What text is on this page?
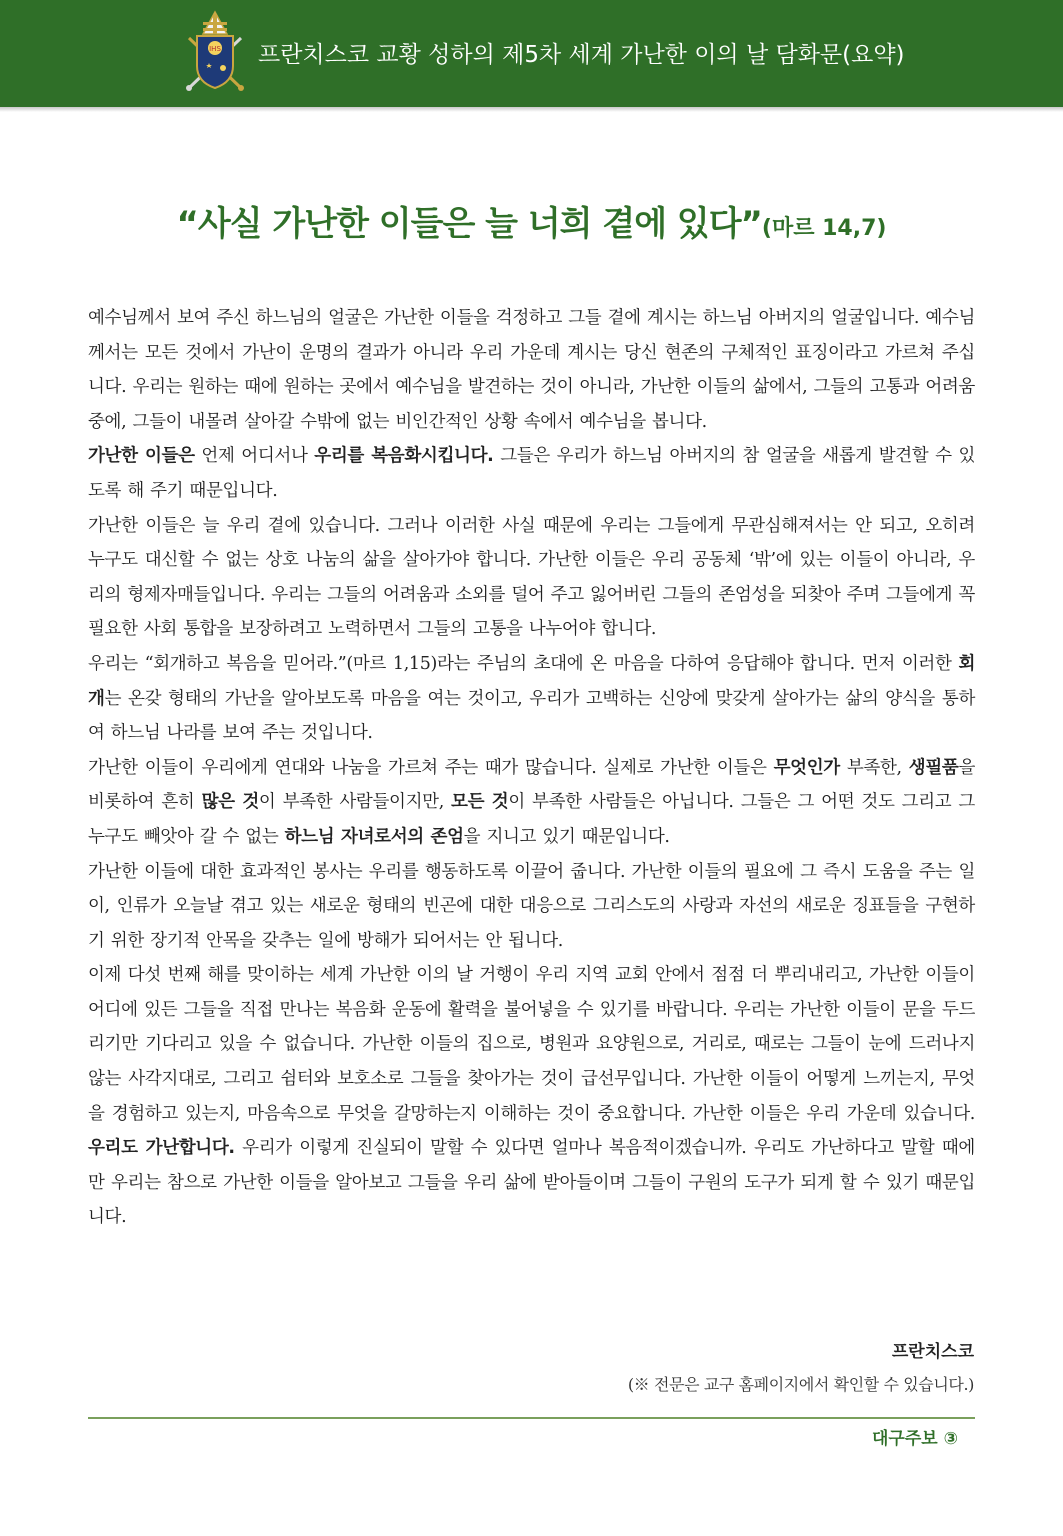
IHS 프란치스코 교황 성하의 제5차 세계 가난한 이의 날 담화문(요약)
“사실 가난한 이들은 늘 너희 곁에 있다”(마르 14,7)

예수님께서 보여 주신 하느님의 얼굴은 가난한 이들을 걱정하고 그들 곁에 계시는 하느님 아버지의 얼굴입니다. 예수님께서는 모든 것에서 가난이 운명의 결과가 아니라 우리 가운데 계시는 당신 현존의 구체적인 표징이라고 가르쳐 주십니다. 우리는 원하는 때에 원하는 곳에서 예수님을 발견하는 것이 아니라, 가난한 이들의 삶에서, 그들의 고통과 어려움 중에, 그들이 내몰려 살아갈 수밖에 없는 비인간적인 상황 속에서 예수님을 봅니다.

가난한 이들은 언제 어디서나 우리를 복음화시킵니다. 그들은 우리가 하느님 아버지의 참 얼굴을 새롭게 발견할 수 있도록 해 주기 때문입니다.

가난한 이들은 늘 우리 곁에 있습니다. 그러나 이러한 사실 때문에 우리는 그들에게 무관심해져서는 안 되고, 오히려 누구도 대신할 수 없는 상호 나눔의 삶을 살아가야 합니다. 가난한 이들은 우리 공동체 ‘밖’에 있는 이들이 아니라, 우리의 형제자매들입니다. 우리는 그들의 어려움과 소외를 덜어 주고 잃어버린 그들의 존엄성을 되찾아 주며 그들에게 꼭 필요한 사회 통합을 보장하려고 노력하면서 그들의 고통을 나누어야 합니다.

우리는 “회개하고 복음을 믿어라.”(마르 1,15)라는 주님의 초대에 온 마음을 다하여 응답해야 합니다. 먼저 이러한 회개는 온갖 형태의 가난을 알아보도록 마음을 여는 것이고, 우리가 고백하는 신앙에 맞갖게 살아가는 삶의 양식을 통하여 하느님 나라를 보여 주는 것입니다.

가난한 이들이 우리에게 연대와 나눔을 가르쳐 주는 때가 많습니다. 실제로 가난한 이들은 무엇인가 부족한, 생필품을 비롯하여 흔히 많은 것이 부족한 사람들이지만, 모든 것이 부족한 사람들은 아닙니다. 그들은 그 어떤 것도 그리고 그 누구도 빼앗아 갈 수 없는 하느님 자녀로서의 존엄을 지니고 있기 때문입니다.

가난한 이들에 대한 효과적인 봉사는 우리를 행동하도록 이끌어 줍니다. 가난한 이들의 필요에 그 즉시 도움을 주는 일이, 인류가 오늘날 겪고 있는 새로운 형태의 빈곤에 대한 대응으로 그리스도의 사랑과 자선의 새로운 징표들을 구현하기 위한 장기적 안목을 갖추는 일에 방해가 되어서는 안 됩니다.

이제 다섯 번째 해를 맞이하는 세계 가난한 이의 날 거행이 우리 지역 교회 안에서 점점 더 뿌리내리고, 가난한 이들이 어디에 있든 그들을 직접 만나는 복음화 운동에 활력을 불어넣을 수 있기를 바랍니다. 우리는 가난한 이들이 문을 두드리기만 기다리고 있을 수 없습니다. 가난한 이들의 집으로, 병원과 요양원으로, 거리로, 때로는 그들이 눈에 드러나지 않는 사각지대로, 그리고 쉼터와 보호소로 그들을 찾아가는 것이 급선무입니다. 가난한 이들이 어떻게 느끼는지, 무엇을 경험하고 있는지, 마음속으로 무엇을 갈망하는지 이해하는 것이 중요합니다. 가난한 이들은 우리 가운데 있습니다. 우리도 가난합니다. 우리가 이렇게 진실되이 말할 수 있다면 얼마나 복음적이겠습니까. 우리도 가난하다고 말할 때에만 우리는 참으로 가난한 이들을 알아보고 그들을 우리 삶에 받아들이며 그들이 구원의 도구가 되게 할 수 있기 때문입니다.

프란치스코
(※ 전문은 교구 홈페이지에서 확인할 수 있습니다.)
대구주보 ③
